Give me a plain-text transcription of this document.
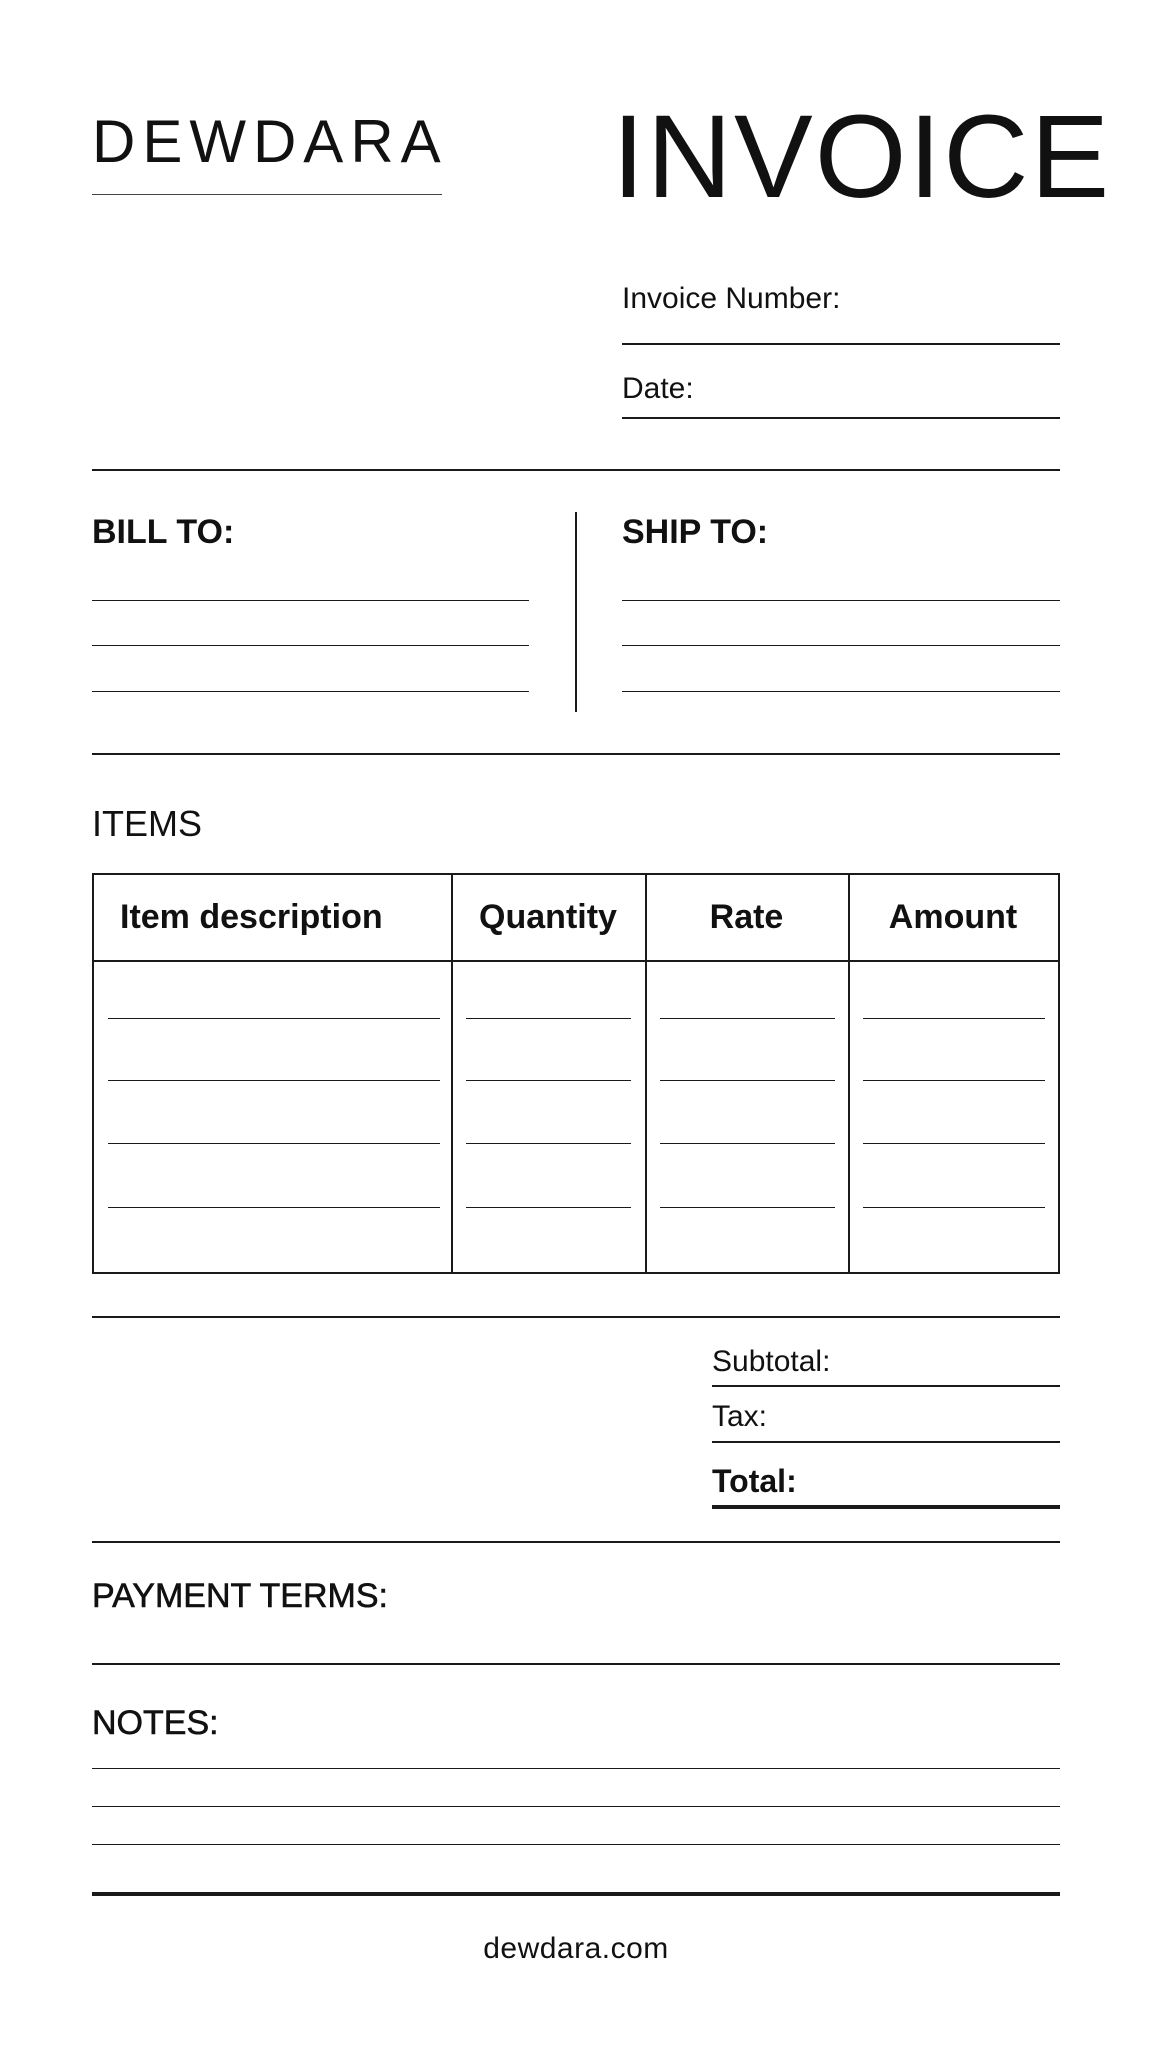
DEWDARA INVOICE
Invoice Number:
Date:
BILL TO:	SHIP TO:
ITEMS
Item description	Quantity	Rate	Amount
Subtotal:
Tax:
Total:
PAYMENT TERMS:
NOTES:
dewdara.com
